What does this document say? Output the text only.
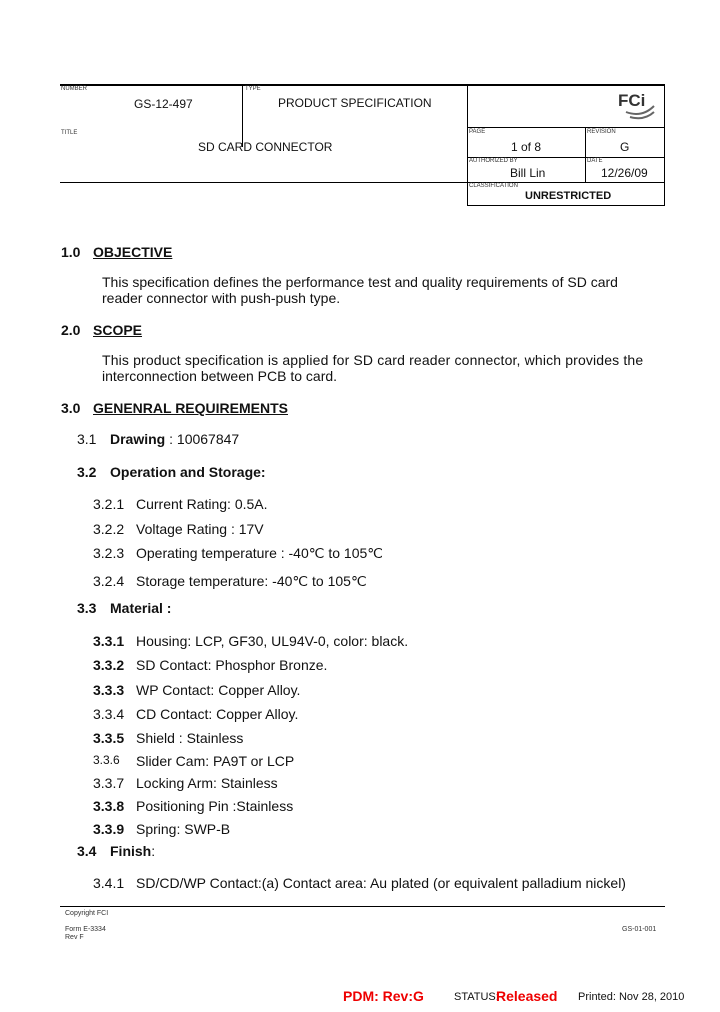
NUMBER
GS-12-497
TYPE
PRODUCT SPECIFICATION	FCi
TITLE
SD CARD CONNECTOR
PAGE
1 of 8
REVISION
G
AUTHORIZED BY
Bill Lin
DATE
12/26/09
CLASSIFICATION
UNRESTRICTED
1.0 OBJECTIVE
This specification defines the performance test and quality requirements of SD card
reader connector with push-push type.
2.0 SCOPE
This product specification is applied for SD card reader connector, which provides the
interconnection between PCB to card.
3.0 GENENRAL REQUIREMENTS
3.1 Drawing : 10067847
3.2 Operation and Storage:
3.3 Material :
3.4 Finish:
3.4.1 SD/CD/WP Contact:(a) Contact area: Au plated (or equivalent palladium nickel)
Copyright FCI
Form E-3334
Rev F
GS-01-001
PDM: Rev:G	STATUS:
Released Printed: Nov 28, 2010
3.2.1 Current Rating: 0.5A.
3.2.2 Voltage Rating : 17V
3.2.3 Operating temperature : -40℃ to 105℃
3.2.4 Storage temperature: -40℃ to 105℃
3.3.1 Housing: LCP, GF30, UL94V-0, color: black.
3.3.2 SD Contact: Phosphor Bronze.
3.3.3 WP Contact: Copper Alloy.
3.3.4 CD Contact: Copper Alloy.
3.3.5 Shield : Stainless
3.3.6 Slider Cam: PA9T or LCP
3.3.7 Locking Arm: Stainless
3.3.8 Positioning Pin :Stainless
3.3.9 Spring: SWP-B
